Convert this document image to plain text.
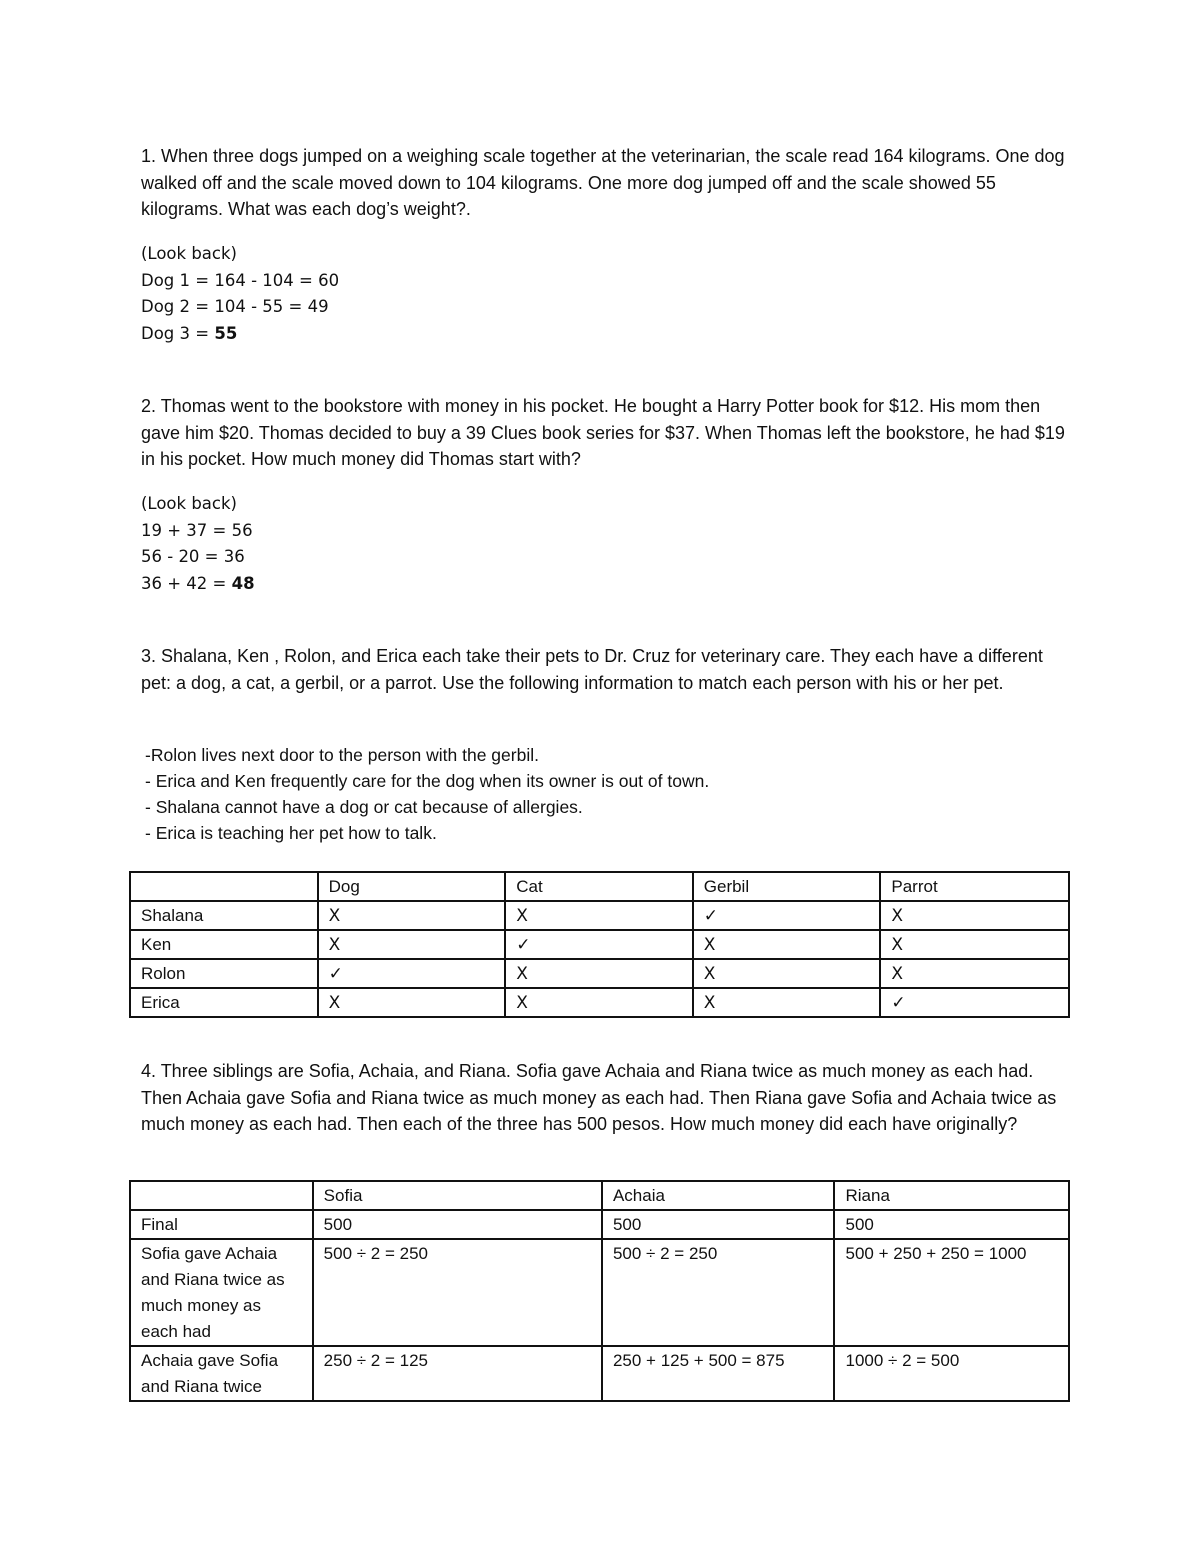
1. When three dogs jumped on a weighing scale together at the veterinarian, the scale read 164 kilograms. One dog walked off and the scale moved down to 104 kilograms. One more dog jumped off and the scale showed 55 kilograms. What was each dog’s weight?.

(Look back)
Dog 1 = 164 - 104 = 60
Dog 2 = 104 - 55 = 49
Dog 3 = 55

2. Thomas went to the bookstore with money in his pocket. He bought a Harry Potter book for $12. His mom then gave him $20. Thomas decided to buy a 39 Clues book series for $37. When Thomas left the bookstore, he had $19 in his pocket. How much money did Thomas start with?

(Look back)
19 + 37 = 56
56 - 20 = 36
36 + 42 = 48

3. Shalana, Ken , Rolon, and Erica each take their pets to Dr. Cruz for veterinary care. They each have a different pet: a dog, a cat, a gerbil, or a parrot. Use the following information to match each person with his or her pet.

-Rolon lives next door to the person with the gerbil.
- Erica and Ken frequently care for the dog when its owner is out of town.
- Shalana cannot have a dog or cat because of allergies.
- Erica is teaching her pet how to talk.
	Dog	Cat	Gerbil	Parrot
Shalana	X	X	✓	X
Ken	X	✓	X	X
Rolon	✓	X	X	X
Erica	X	X	X	✓

4. Three siblings are Sofia, Achaia, and Riana. Sofia gave Achaia and Riana twice as much money as each had. Then Achaia gave Sofia and Riana twice as much money as each had. Then Riana gave Sofia and Achaia twice as much money as each had. Then each of the three has 500 pesos. How much money did each have originally?

	Sofia	Achaia	Riana
Final	500	500	500
Sofia gave Achaia and Riana twice as much money as each had	500 ÷ 2 = 250	500 ÷ 2 = 250	500 + 250 + 250 = 1000
Achaia gave Sofia and Riana twice	250 ÷ 2 = 125	250 + 125 + 500 = 875	1000 ÷ 2 = 500
